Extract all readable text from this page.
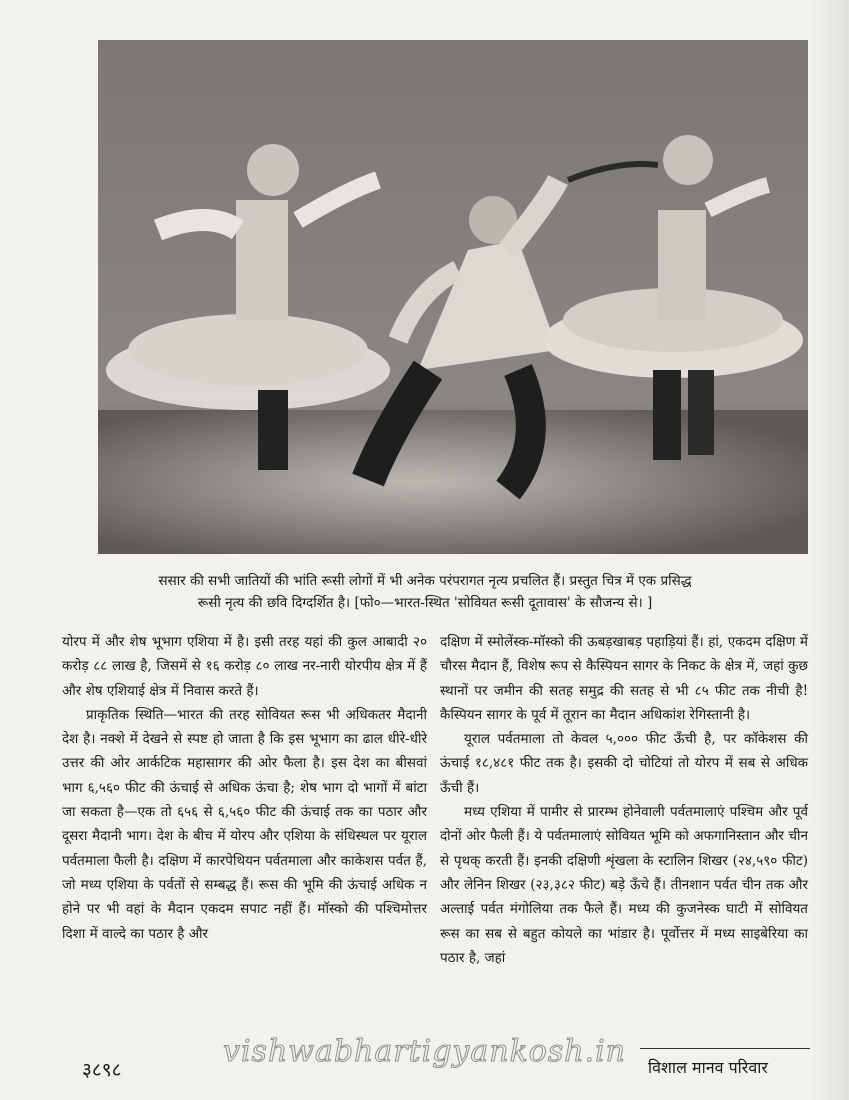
ससार की सभी जातियों की भांति रूसी लोगों में भी अनेक परंपरागत नृत्य प्रचलित हैं। प्रस्तुत चित्र में एक प्रसिद्ध
रूसी नृत्य की छवि दिग्दर्शित है। [फो०—भारत-स्थित 'सोवियत रूसी दूतावास' के सौजन्य से। ]

योरप में और शेष भूभाग एशिया में है। इसी तरह यहां की कुल आबादी २० करोड़ ८८ लाख है, जिसमें से १६ करोड़ ८० लाख नर-नारी योरपीय क्षेत्र में हैं और शेष एशियाई क्षेत्र में निवास करते हैं।

प्राकृतिक स्थिति—भारत की तरह सोवियत रूस भी अधिकतर मैदानी देश है। नक्शे में देखने से स्पष्ट हो जाता है कि इस भूभाग का ढाल धीरे-धीरे उत्तर की ओर आर्कटिक महासागर की ओर फैला है। इस देश का बीसवां भाग ६,५६० फीट की ऊंचाई से अधिक ऊंचा है; शेष भाग दो भागों में बांटा जा सकता है—एक तो ६५६ से ६,५६० फीट की ऊंचाई तक का पठार और दूसरा मैदानी भाग। देश के बीच में योरप और एशिया के संधिस्थल पर यूराल पर्वतमाला फैली है। दक्षिण में कारपेथियन पर्वतमाला और काकेशस पर्वत हैं, जो मध्य एशिया के पर्वतों से सम्बद्ध हैं। रूस की भूमि की ऊंचाई अधिक न होने पर भी वहां के मैदान एकदम सपाट नहीं हैं। मॉस्को की पश्चिमोत्तर दिशा में वाल्दे का पठार है और

दक्षिण में स्मोलेंस्क-मॉस्को की ऊबड़खाबड़ पहाड़ियां हैं। हां, एकदम दक्षिण में चौरस मैदान हैं, विशेष रूप से कैस्पियन सागर के निकट के क्षेत्र में, जहां कुछ स्थानों पर जमीन की सतह समुद्र की सतह से भी ८५ फीट तक नीची है! कैस्पियन सागर के पूर्व में तूरान का मैदान अधिकांश रेगिस्तानी है।

यूराल पर्वतमाला तो केवल ५,००० फीट ऊँची है, पर कॉकेशस की ऊंचाई १८,४८१ फीट तक है। इसकी दो चोटियां तो योरप में सब से अधिक ऊँची हैं।

मध्य एशिया में पामीर से प्रारम्भ होनेवाली पर्वतमालाएं पश्चिम और पूर्व दोनों ओर फैली हैं। ये पर्वतमालाएं सोवियत भूमि को अफगानिस्तान और चीन से पृथक् करती हैं। इनकी दक्षिणी शृंखला के स्टालिन शिखर (२४,५९० फीट) और लेनिन शिखर (२३,३८२ फीट) बड़े ऊँचे हैं। तीनशान पर्वत चीन तक और अल्ताई पर्वत मंगोलिया तक फैले हैं। मध्य की कुजनेस्क घाटी में सोवियत रूस का सब से बहुत कोयले का भांडार है। पूर्वोत्तर में मध्य साइबेरिया का पठार है, जहां

३८९८	विशाल मानव परिवार
vishwabhartigyankosh.in
